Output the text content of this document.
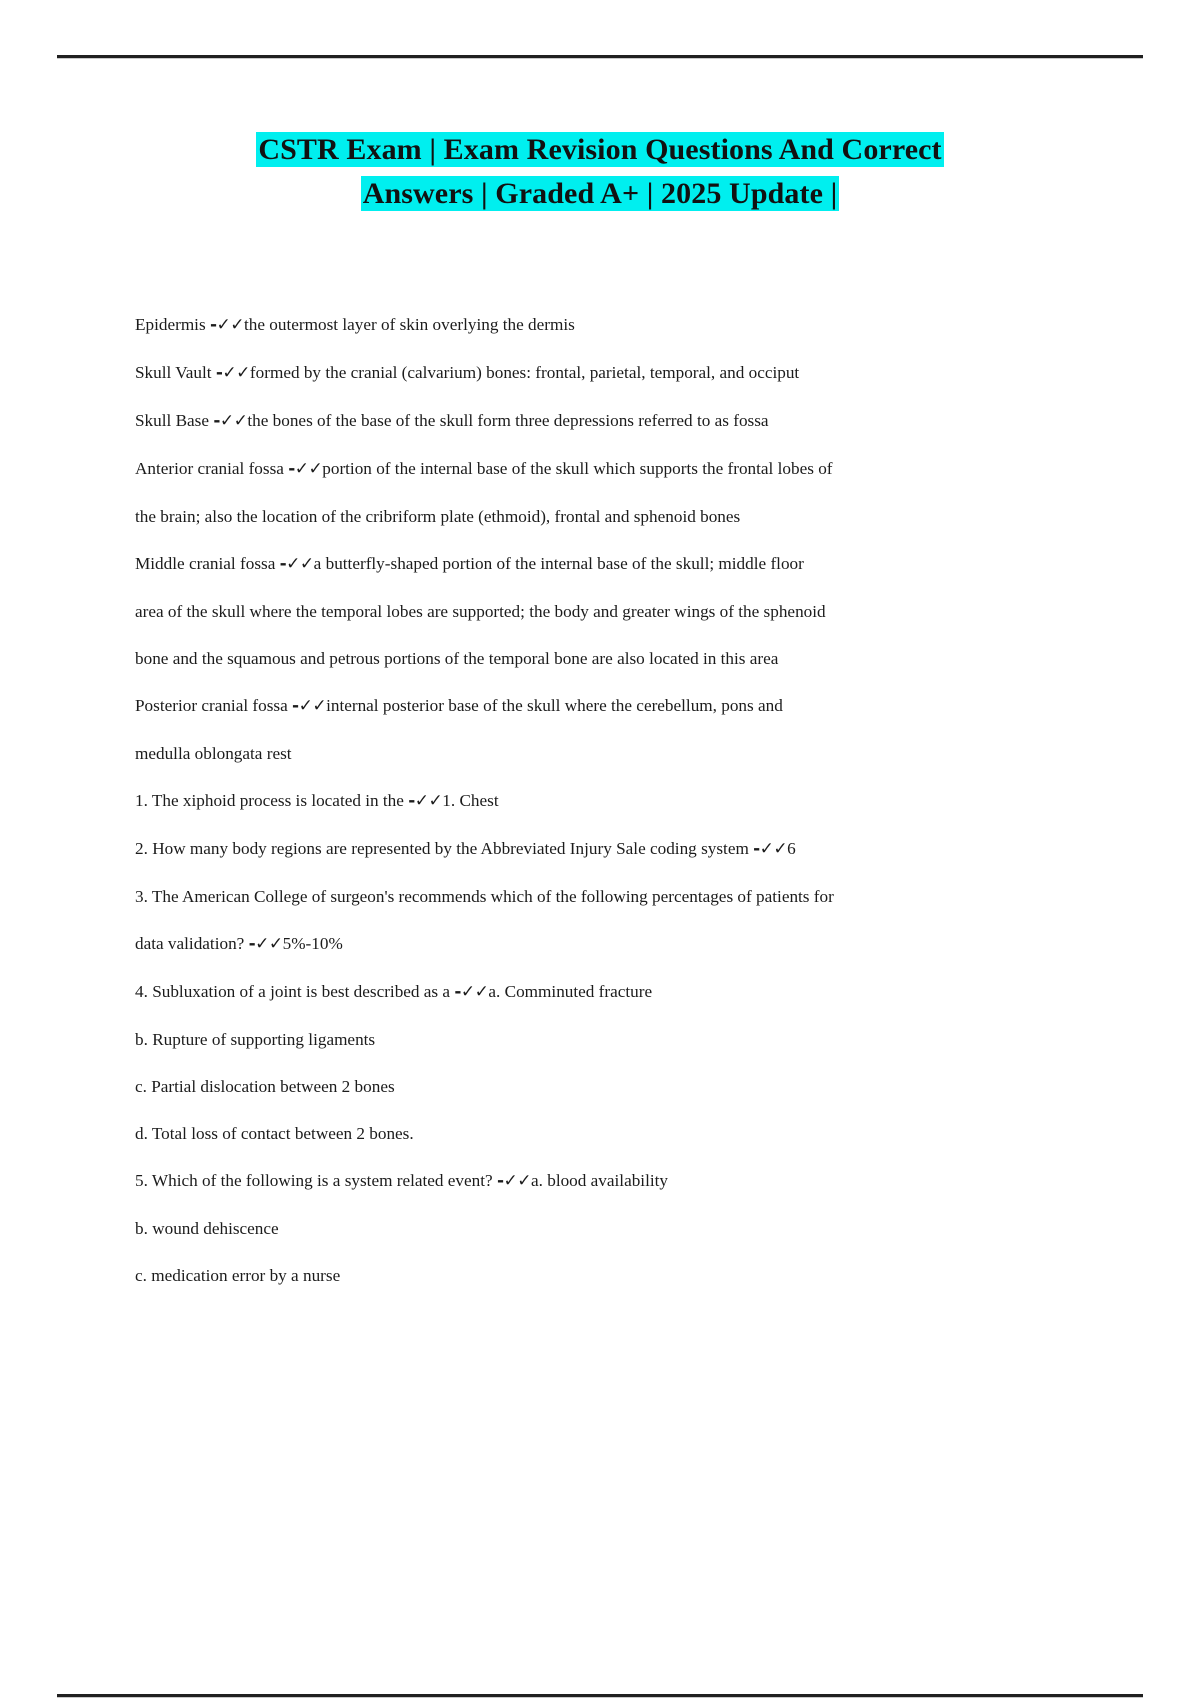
CSTR Exam | Exam Revision Questions And Correct
Answers | Graded A+ | 2025 Update |

Epidermis -✓✓the outermost layer of skin overlying the dermis

Skull Vault -✓✓formed by the cranial (calvarium) bones: frontal, parietal, temporal, and occiput

Skull Base -✓✓the bones of the base of the skull form three depressions referred to as fossa

Anterior cranial fossa -✓✓portion of the internal base of the skull which supports the frontal lobes of

the brain; also the location of the cribriform plate (ethmoid), frontal and sphenoid bones

Middle cranial fossa -✓✓a butterfly-shaped portion of the internal base of the skull; middle floor

area of the skull where the temporal lobes are supported; the body and greater wings of the sphenoid

bone and the squamous and petrous portions of the temporal bone are also located in this area

Posterior cranial fossa -✓✓internal posterior base of the skull where the cerebellum, pons and

medulla oblongata rest

1. The xiphoid process is located in the -✓✓1. Chest

2. How many body regions are represented by the Abbreviated Injury Sale coding system -✓✓6

3. The American College of surgeon's recommends which of the following percentages of patients for

data validation? -✓✓5%-10%

4. Subluxation of a joint is best described as a -✓✓a. Comminuted fracture

b. Rupture of supporting ligaments

c. Partial dislocation between 2 bones

d. Total loss of contact between 2 bones.

5. Which of the following is a system related event? -✓✓a. blood availability

b. wound dehiscence

c. medication error by a nurse
